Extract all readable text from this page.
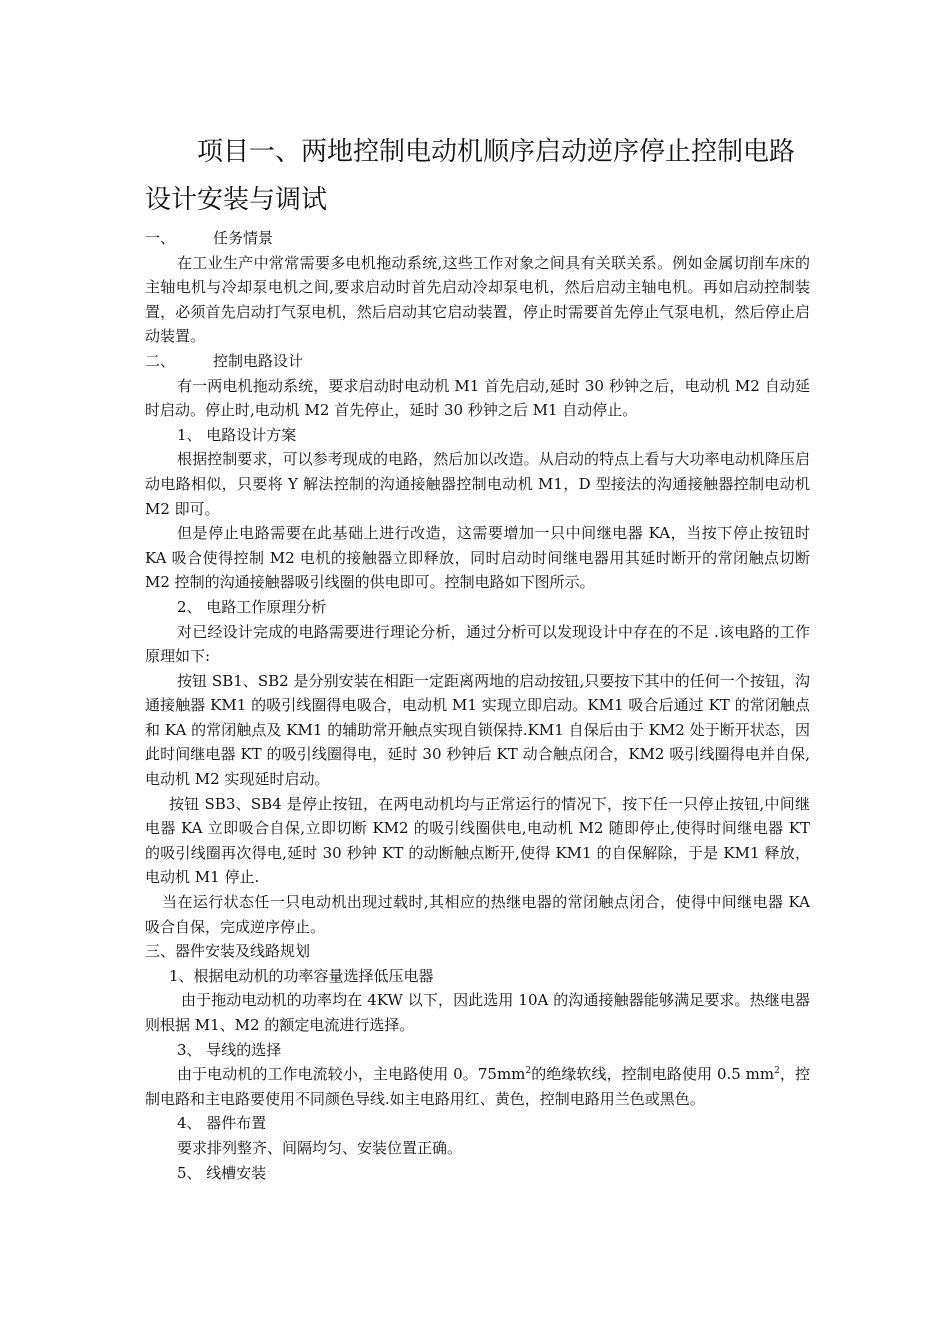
项目一、两地控制电动机顺序启动逆序停止控制电路设计安装与调试

一、	任务情景

在工业生产中常常需要多电机拖动系统,这些工作对象之间具有关联关系。例如金属切削车床的主轴电机与冷却泵电机之间,要求启动时首先启动冷却泵电机，然后启动主轴电机。再如启动控制装置，必须首先启动打气泵电机，然后启动其它启动装置，停止时需要首先停止气泵电机，然后停止启动装置。

二、	控制电路设计

有一两电机拖动系统，要求启动时电动机 M1 首先启动,延时 30 秒钟之后，电动机 M2 自动延时启动。停止时,电动机 M2 首先停止，延时 30 秒钟之后 M1 自动停止。

1、 电路设计方案

根据控制要求，可以参考现成的电路，然后加以改造。从启动的特点上看与大功率电动机降压启动电路相似，只要将 Y 解法控制的沟通接触器控制电动机 M1，D 型接法的沟通接触器控制电动机 M2 即可。

但是停止电路需要在此基础上进行改造，这需要增加一只中间继电器 KA，当按下停止按钮时 KA 吸合使得控制 M2 电机的接触器立即释放，同时启动时间继电器用其延时断开的常闭触点切断 M2 控制的沟通接触器吸引线圈的供电即可。控制电路如下图所示。

2、 电路工作原理分析

对已经设计完成的电路需要进行理论分析，通过分析可以发现设计中存在的不足 .该电路的工作原理如下:

按钮 SB1、SB2 是分别安装在相距一定距离两地的启动按钮,只要按下其中的任何一个按钮，沟通接触器 KM1 的吸引线圈得电吸合，电动机 M1 实现立即启动。KM1 吸合后通过 KT 的常闭触点和 KA 的常闭触点及 KM1 的辅助常开触点实现自锁保持.KM1 自保后由于 KM2 处于断开状态，因此时间继电器 KT 的吸引线圈得电，延时 30 秒钟后 KT 动合触点闭合，KM2 吸引线圈得电并自保,电动机 M2 实现延时启动。

按钮 SB3、SB4 是停止按钮，在两电动机均与正常运行的情况下，按下任一只停止按钮,中间继电器 KA 立即吸合自保,立即切断 KM2 的吸引线圈供电,电动机 M2 随即停止,使得时间继电器 KT 的吸引线圈再次得电,延时 30 秒钟 KT 的动断触点断开,使得 KM1 的自保解除，于是 KM1 释放，电动机 M1 停止.

当在运行状态任一只电动机出现过载时,其相应的热继电器的常闭触点闭合，使得中间继电器 KA 吸合自保，完成逆序停止。

三、器件安装及线路规划

1、根据电动机的功率容量选择低压电器

由于拖动电动机的功率均在 4KW 以下，因此选用 10A 的沟通接触器能够满足要求。热继电器则根据 M1、M2 的额定电流进行选择。

3、 导线的选择

由于电动机的工作电流较小，主电路使用 0。$75mm^2$的绝缘软线，控制电路使用 0.5 $mm^2$，控制电路和主电路要使用不同颜色导线.如主电路用红、黄色，控制电路用兰色或黑色。

4、 器件布置

要求排列整齐、间隔均匀、安装位置正确。

5、 线槽安装
